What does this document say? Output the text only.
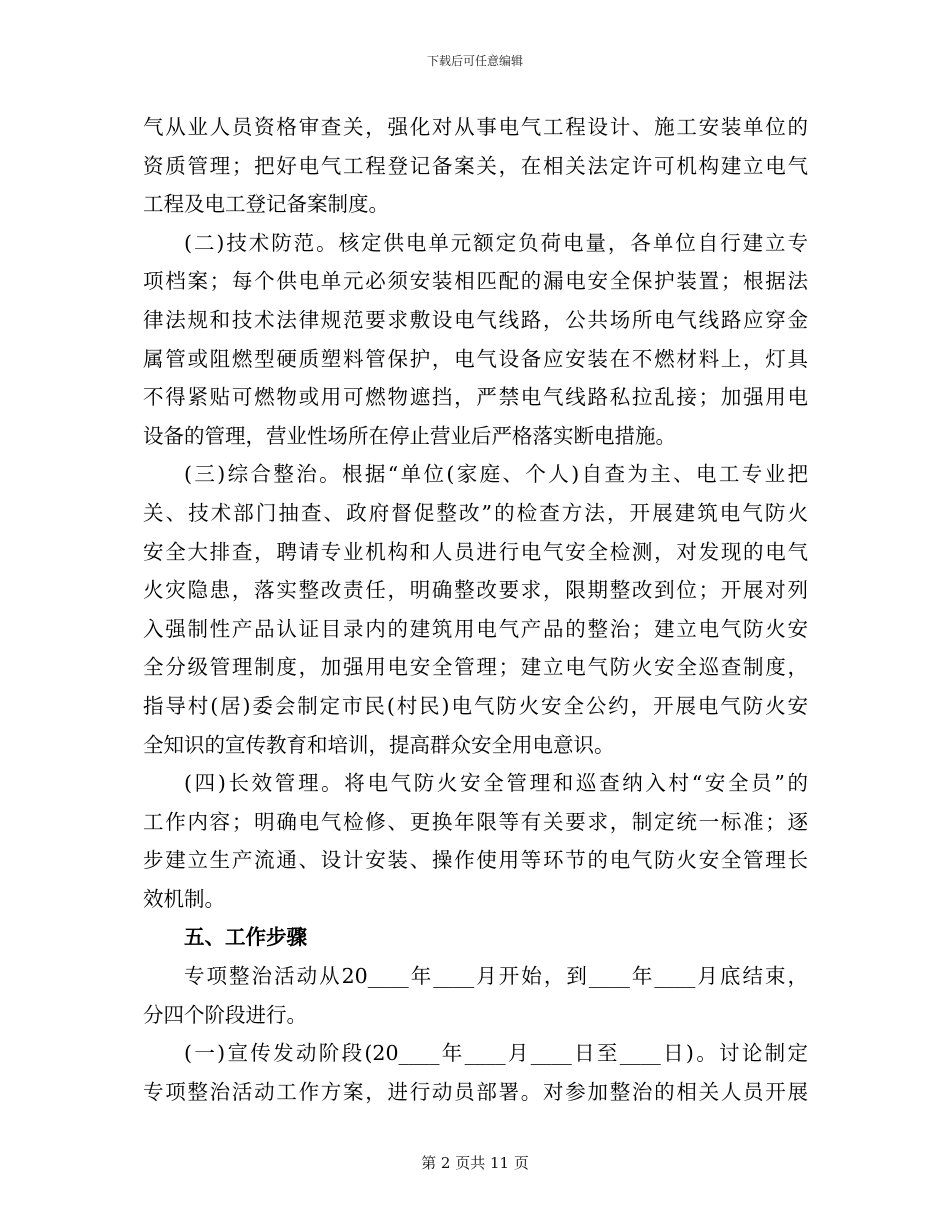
下载后可任意编辑
气从业人员资格审查关，强化对从事电气工程设计、施工安装单位的
资质管理；把好电气工程登记备案关，在相关法定许可机构建立电气
工程及电工登记备案制度。
(二)技术防范。核定供电单元额定负荷电量，各单位自行建立专
项档案；每个供电单元必须安装相匹配的漏电安全保护装置；根据法
律法规和技术法律规范要求敷设电气线路，公共场所电气线路应穿金
属管或阻燃型硬质塑料管保护，电气设备应安装在不燃材料上，灯具
不得紧贴可燃物或用可燃物遮挡，严禁电气线路私拉乱接；加强用电
设备的管理，营业性场所在停止营业后严格落实断电措施。
(三)综合整治。根据“单位(家庭、个人)自查为主、电工专业把
关、技术部门抽查、政府督促整改”的检查方法，开展建筑电气防火
安全大排查，聘请专业机构和人员进行电气安全检测，对发现的电气
火灾隐患，落实整改责任，明确整改要求，限期整改到位；开展对列
入强制性产品认证目录内的建筑用电气产品的整治；建立电气防火安
全分级管理制度，加强用电安全管理；建立电气防火安全巡查制度，
指导村(居)委会制定市民(村民)电气防火安全公约，开展电气防火安
全知识的宣传教育和培训，提高群众安全用电意识。
(四)长效管理。将电气防火安全管理和巡查纳入村“安全员”的
工作内容；明确电气检修、更换年限等有关要求，制定统一标准；逐
步建立生产流通、设计安装、操作使用等环节的电气防火安全管理长
效机制。
五、工作步骤
专项整治活动从20____年____月开始，到____年____月底结束，
分四个阶段进行。
(一)宣传发动阶段(20____年____月____日至____日)。讨论制定
专项整治活动工作方案，进行动员部署。对参加整治的相关人员开展
第 2 页共 11 页
